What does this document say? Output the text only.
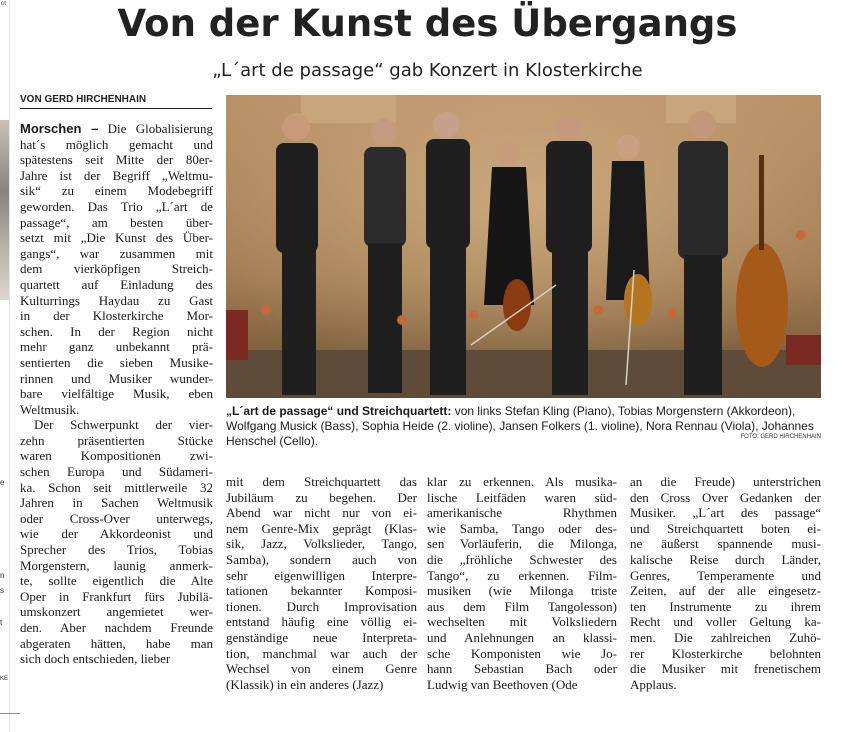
ot
e
n
s
t
KE
Von der Kunst des Übergangs
„L´art de passage“ gab Konzert in Klosterkirche
VON GERD HIRCHENHAIN

Morschen – Die Globalisierung

hat´s möglich gemacht und

spätestens seit Mitte der 80er-

Jahre ist der Begriff „Weltmu-

sik“ zu einem Modebegriff

geworden. Das Trio „L´art de

passage“, am besten über-

setzt mit „Die Kunst des Über-

gangs“, war zusammen mit

dem vierköpfigen Streich-

quartett auf Einladung des

Kulturrings Haydau zu Gast

in der Klosterkirche Mor-

schen. In der Region nicht

mehr ganz unbekannt prä-

sentierten die sieben Musike-

rinnen und Musiker wunder-

bare vielfältige Musik, eben

Weltmusik.

Der Schwerpunkt der vier-

zehn präsentierten Stücke

waren Kompositionen zwi-

schen Europa und Südameri-

ka. Schon seit mittlerweile 32

Jahren in Sachen Weltmusik

oder Cross-Over unterwegs,

wie der Akkordeonist und

Sprecher des Trios, Tobias

Morgenstern, launig anmerk-

te, sollte eigentlich die Alte

Oper in Frankfurt fürs Jubilä-

umskonzert angemietet wer-

den. Aber nachdem Freunde

abgeraten hätten, habe man

sich doch entschieden, lieber

„L´art de passage“ und Streichquartett: von links Stefan Kling (Piano), Tobias Morgenstern (Akkordeon), Wolfgang Musick (Bass), Sophia Heide (2. violine), Jansen Folkers (1. violine), Nora Rennau (Viola), Johannes Henschel (Cello).	FOTO: GERD HIRCHENHAIN

mit dem Streichquartett das

Jubiläum zu begehen. Der

Abend war nicht nur von ei-

nem Genre-Mix geprägt (Klas-

sik, Jazz, Volkslieder, Tango,

Samba), sondern auch von

sehr eigenwilligen Interpre-

tationen bekannter Komposi-

tionen. Durch Improvisation

entstand häufig eine völlig ei-

genständige neue Interpreta-

tion, manchmal war auch der

Wechsel von einem Genre

(Klassik) in ein anderes (Jazz)

klar zu erkennen. Als musika-

lische Leitfäden waren süd-

amerikanische Rhythmen

wie Samba, Tango oder des-

sen Vorläuferin, die Milonga,

die „fröhliche Schwester des

Tango“, zu erkennen. Film-

musiken (wie Milonga triste

aus dem Film Tangolesson)

wechselten mit Volksliedern

und Anlehnungen an klassi-

sche Komponisten wie Jo-

hann Sebastian Bach oder

Ludwig van Beethoven (Ode

an die Freude) unterstrichen

den Cross Over Gedanken der

Musiker. „L´art des passage“

und Streichquartett boten ei-

ne äußerst spannende musi-

kalische Reise durch Länder,

Genres, Temperamente und

Zeiten, auf der alle eingesetz-

ten Instrumente zu ihrem

Recht und voller Geltung ka-

men. Die zahlreichen Zuhö-

rer Klosterkirche belohnten

die Musiker mit frenetischem

Applaus.
